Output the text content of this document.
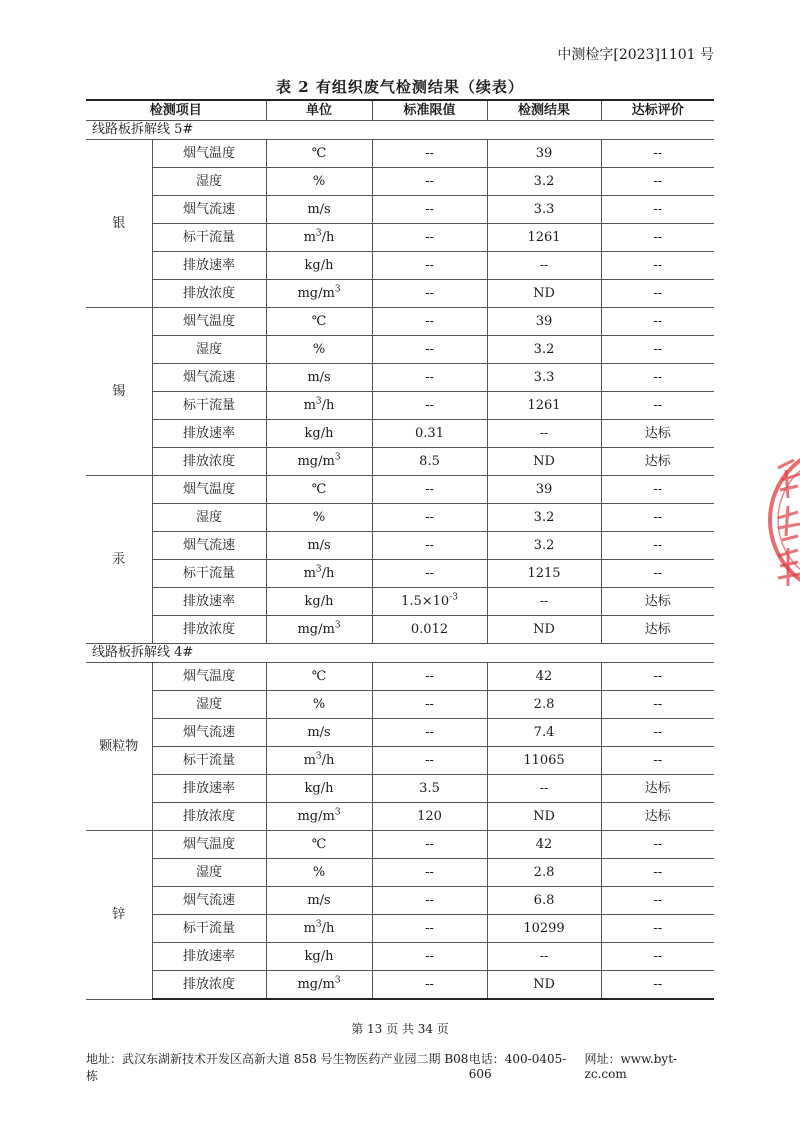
中测检字[2023]1101 号
表 2 有组织废气检测结果（续表）
检测项目		单位	标准限值	检测结果	达标评价
线路板拆解线 5#					
银	烟气温度	℃	--	39	--
	湿度	%	--	3.2	--
	烟气流速	m/s	--	3.3	--
	标干流量	$m^3/h$	--	1261	--
	排放速率	kg/h	--	--	--
	排放浓度	$mg/m^3$	--	ND	--
锡	烟气温度	℃	--	39	--
	湿度	%	--	3.2	--
	烟气流速	m/s	--	3.3	--
	标干流量	$m^3/h$	--	1261	--
	排放速率	kg/h	0.31	--	达标
	排放浓度	$mg/m^3$	8.5	ND	达标
汞	烟气温度	℃	--	39	--
	湿度	%	--	3.2	--
	烟气流速	m/s	--	3.2	--
	标干流量	$m^3/h$	--	1215	--
	排放速率	kg/h	$1.5\times 10^{-3}$	--	达标
	排放浓度	$mg/m^3$	0.012	ND	达标
线路板拆解线 4#					
颗粒物	烟气温度	℃	--	42	--
	湿度	%	--	2.8	--
	烟气流速	m/s	--	7.4	--
	标干流量	$m^3/h$	--	11065	--
	排放速率	kg/h	3.5	--	达标
	排放浓度	$mg/m^3$	120	ND	达标
锌	烟气温度	℃	--	42	--
	湿度	%	--	2.8	--
	烟气流速	m/s	--	6.8	--
	标干流量	$m^3/h$	--	10299	--
	排放速率	kg/h	--	--	--
	排放浓度	$mg/m^3$	--	ND	--
第 13 页 共 34 页
地址：武汉东湖新技术开发区高新大道 858 号生物医药产业园二期 B08 栋
电话：400-0405-606
网址：www.byt-zc.com
